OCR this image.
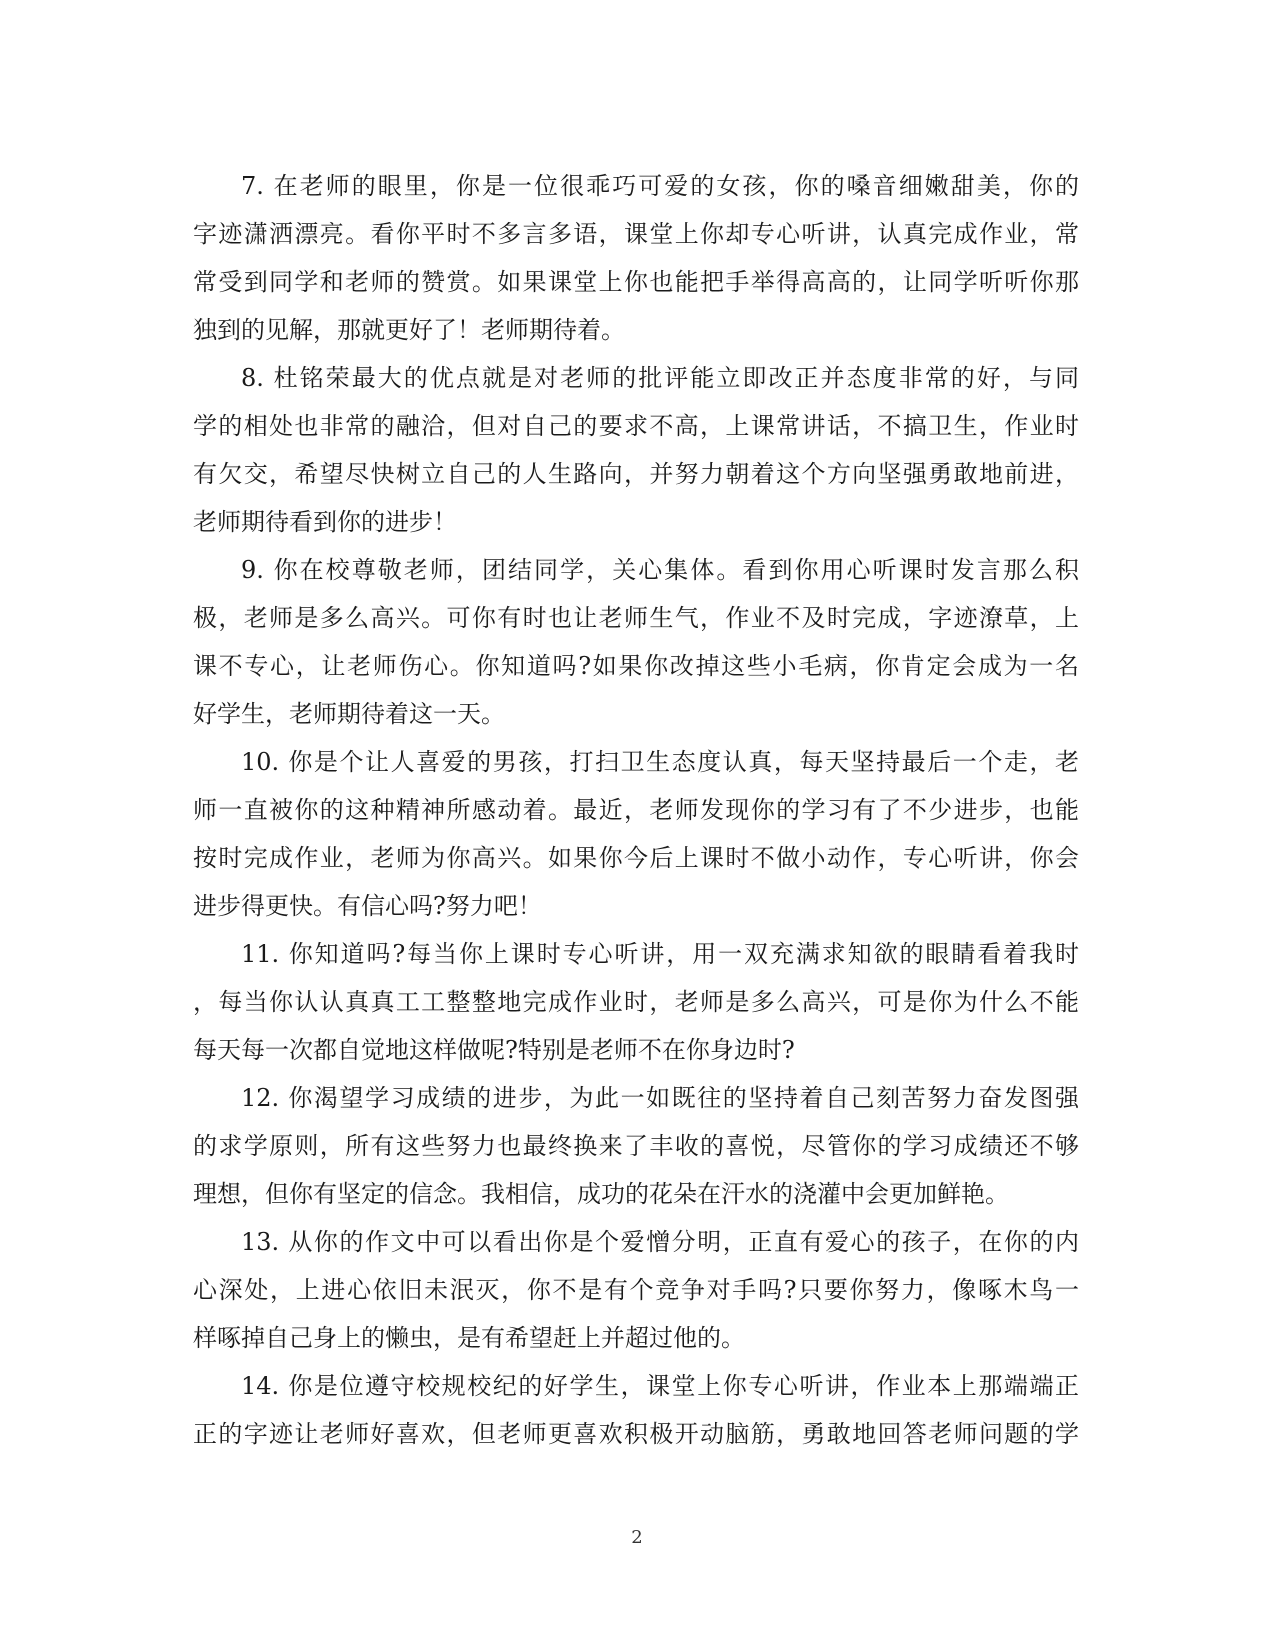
7. 在老师的眼里，你是一位很乖巧可爱的女孩，你的嗓音细嫩甜美，你的
字迹潇洒漂亮。看你平时不多言多语，课堂上你却专心听讲，认真完成作业，常
常受到同学和老师的赞赏。如果课堂上你也能把手举得高高的，让同学听听你那
独到的见解，那就更好了！老师期待着。
8. 杜铭荣最大的优点就是对老师的批评能立即改正并态度非常的好，与同
学的相处也非常的融洽，但对自己的要求不高，上课常讲话，不搞卫生，作业时
有欠交，希望尽快树立自己的人生路向，并努力朝着这个方向坚强勇敢地前进，
老师期待看到你的进步！
9. 你在校尊敬老师，团结同学，关心集体。看到你用心听课时发言那么积
极，老师是多么高兴。可你有时也让老师生气，作业不及时完成，字迹潦草，上
课不专心，让老师伤心。你知道吗?如果你改掉这些小毛病，你肯定会成为一名
好学生，老师期待着这一天。
10. 你是个让人喜爱的男孩，打扫卫生态度认真，每天坚持最后一个走，老
师一直被你的这种精神所感动着。最近，老师发现你的学习有了不少进步，也能
按时完成作业，老师为你高兴。如果你今后上课时不做小动作，专心听讲，你会
进步得更快。有信心吗?努力吧！
11. 你知道吗?每当你上课时专心听讲，用一双充满求知欲的眼睛看着我时
，每当你认认真真工工整整地完成作业时，老师是多么高兴，可是你为什么不能
每天每一次都自觉地这样做呢?特别是老师不在你身边时?
12. 你渴望学习成绩的进步，为此一如既往的坚持着自己刻苦努力奋发图强
的求学原则，所有这些努力也最终换来了丰收的喜悦，尽管你的学习成绩还不够
理想，但你有坚定的信念。我相信，成功的花朵在汗水的浇灌中会更加鲜艳。
13. 从你的作文中可以看出你是个爱憎分明，正直有爱心的孩子，在你的内
心深处，上进心依旧未泯灭，你不是有个竞争对手吗?只要你努力，像啄木鸟一
样啄掉自己身上的懒虫，是有希望赶上并超过他的。
14. 你是位遵守校规校纪的好学生，课堂上你专心听讲，作业本上那端端正
正的字迹让老师好喜欢，但老师更喜欢积极开动脑筋，勇敢地回答老师问题的学
2
